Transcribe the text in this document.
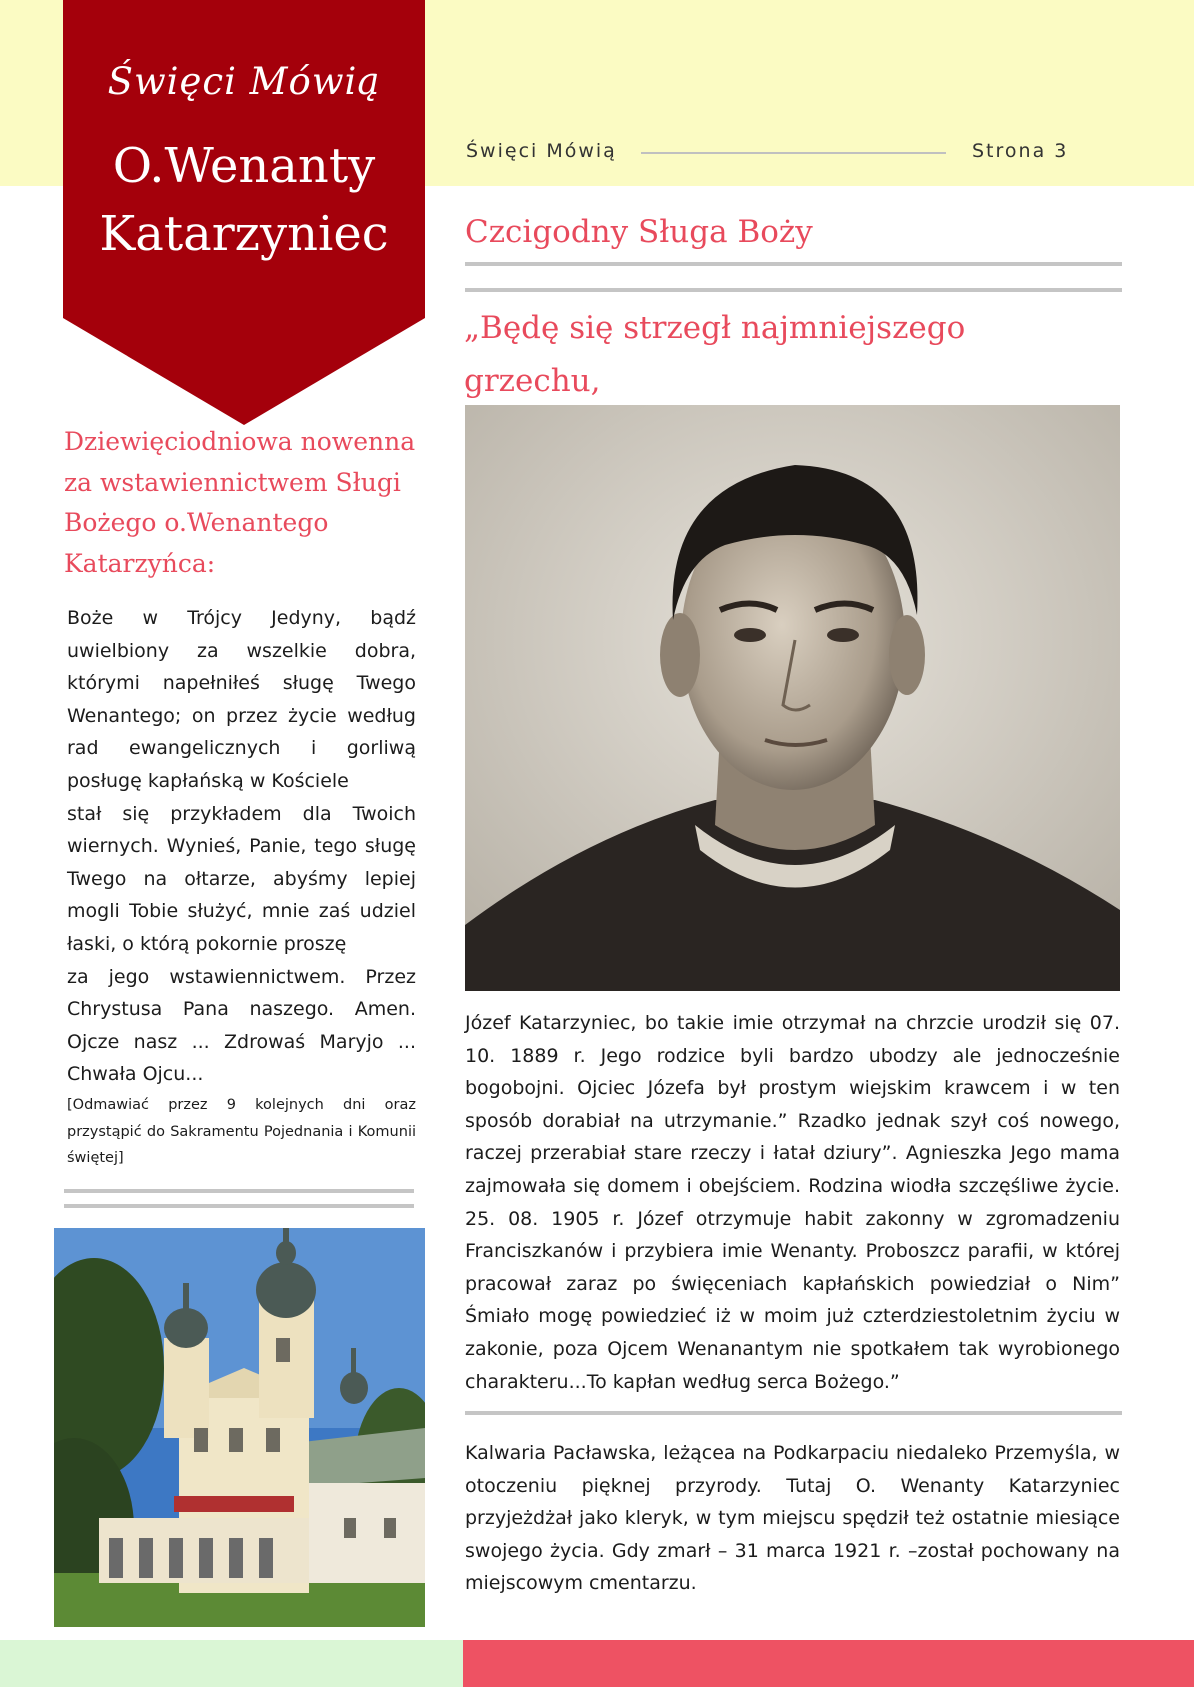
Święci Mówią
O.Wenanty
Katarzyniec
Święci Mówią	Strona 3
Czcigodny Sługa Boży
„Będę się strzegł najmniejszego grzechu,
Józef Katarzyniec, bo takie imie otrzymał na chrzcie urodził się 07. 10. 1889 r. Jego rodzice byli bardzo ubodzy ale jednocześnie bogobojni. Ojciec Józefa był prostym wiejskim krawcem i w ten sposób dorabiał na utrzymanie.” Rzadko jednak szył coś nowego, raczej przerabiał stare rzeczy i łatał dziury”. Agnieszka Jego mama zajmowała się domem i obejściem. Rodzina wiodła szczęśliwe życie. 25. 08. 1905 r. Józef otrzymuje habit zakonny w zgromadzeniu Franciszkanów i przybiera imie Wenanty. Proboszcz parafii, w której pracował zaraz po święceniach kapłańskich powiedział o Nim” Śmiało mogę powiedzieć iż w moim już czterdziestoletnim życiu w zakonie, poza Ojcem Wenanantym nie spotkałem tak wyrobionego charakteru...To kapłan według serca Bożego.”
Kalwaria Pacławska, leżącea na Podkarpaciu niedaleko Przemyśla, w otoczeniu pięknej przyrody. Tutaj O. Wenanty Katarzyniec przyjeżdżał jako kleryk, w tym miejscu spędził też ostatnie miesiące swojego życia. Gdy zmarł – 31 marca 1921 r. –został pochowany na miejscowym cmentarzu.
Dziewięciodniowa nowenna
za wstawiennictwem Sługi
Bożego o.Wenantego
Katarzyńca:
Boże w Trójcy Jedyny, bądź uwielbiony za wszelkie dobra, którymi napełniłeś sługę Twego Wenantego; on przez życie według rad ewangelicznych i gorliwą posługę kapłańską w Kościele
stał się przykładem dla Twoich wiernych. Wynieś, Panie, tego sługę Twego na ołtarze, abyśmy lepiej mogli Tobie służyć, mnie zaś udziel łaski, o którą pokornie proszę
za jego wstawiennictwem. Przez Chrystusa Pana naszego. Amen. Ojcze nasz ... Zdrowaś Maryjo ... Chwała Ojcu...
[Odmawiać przez 9 kolejnych dni oraz przystąpić do Sakramentu Pojednania i Komunii świętej]
